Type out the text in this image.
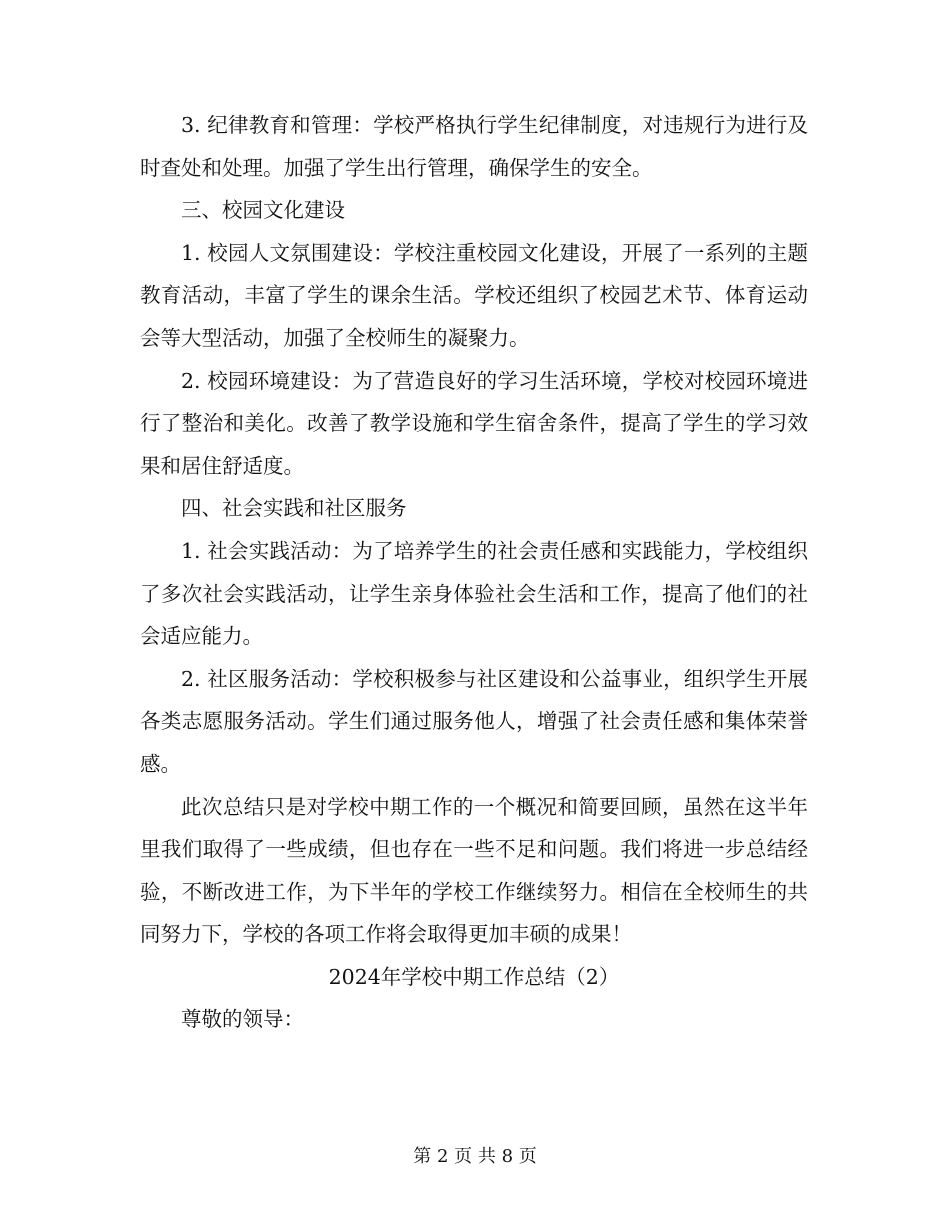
3. 纪律教育和管理：学校严格执行学生纪律制度，对违规行为进行及时查处和处理。加强了学生出行管理，确保学生的安全。

三、校园文化建设

1. 校园人文氛围建设：学校注重校园文化建设，开展了一系列的主题教育活动，丰富了学生的课余生活。学校还组织了校园艺术节、体育运动会等大型活动，加强了全校师生的凝聚力。

2. 校园环境建设：为了营造良好的学习生活环境，学校对校园环境进行了整治和美化。改善了教学设施和学生宿舍条件，提高了学生的学习效果和居住舒适度。

四、社会实践和社区服务

1. 社会实践活动：为了培养学生的社会责任感和实践能力，学校组织了多次社会实践活动，让学生亲身体验社会生活和工作，提高了他们的社会适应能力。

2. 社区服务活动：学校积极参与社区建设和公益事业，组织学生开展各类志愿服务活动。学生们通过服务他人，增强了社会责任感和集体荣誉感。

此次总结只是对学校中期工作的一个概况和简要回顾，虽然在这半年里我们取得了一些成绩，但也存在一些不足和问题。我们将进一步总结经验，不断改进工作，为下半年的学校工作继续努力。相信在全校师生的共同努力下，学校的各项工作将会取得更加丰硕的成果！

2024年学校中期工作总结（2）

尊敬的领导：

第 2 页 共 8 页
